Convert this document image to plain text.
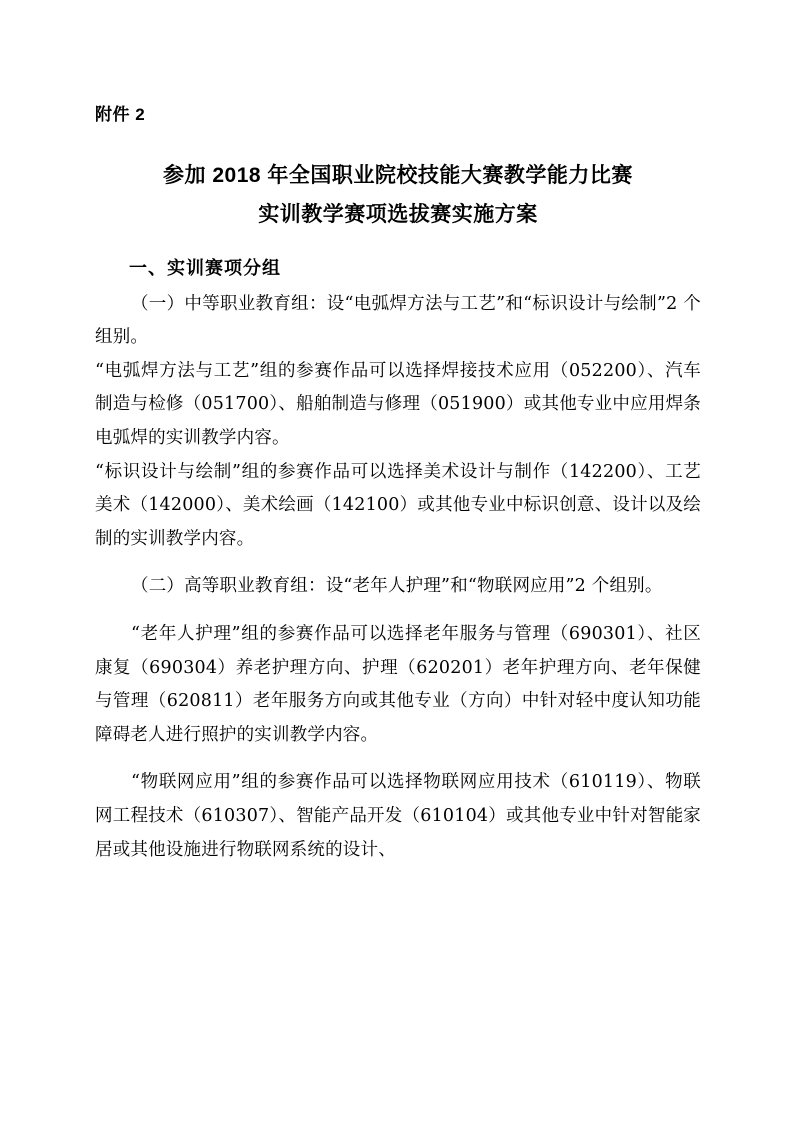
附件 2
参加 2018 年全国职业院校技能大赛教学能力比赛
实训教学赛项选拔赛实施方案
一、实训赛项分组

（一）中等职业教育组：设“电弧焊方法与工艺”和“标识设计与绘制”2 个组别。

“电弧焊方法与工艺”组的参赛作品可以选择焊接技术应用（052200）、汽车制造与检修（051700）、船舶制造与修理（051900）或其他专业中应用焊条电弧焊的实训教学内容。

“标识设计与绘制”组的参赛作品可以选择美术设计与制作（142200）、工艺美术（142000）、美术绘画（142100）或其他专业中标识创意、设计以及绘制的实训教学内容。

（二）高等职业教育组：设“老年人护理”和“物联网应用”2 个组别。

“老年人护理”组的参赛作品可以选择老年服务与管理（690301）、社区康复（690304）养老护理方向、护理（620201）老年护理方向、老年保健与管理（620811）老年服务方向或其他专业（方向）中针对轻中度认知功能障碍老人进行照护的实训教学内容。

“物联网应用”组的参赛作品可以选择物联网应用技术（610119）、物联网工程技术（610307）、智能产品开发（610104）或其他专业中针对智能家居或其他设施进行物联网系统的设计、
